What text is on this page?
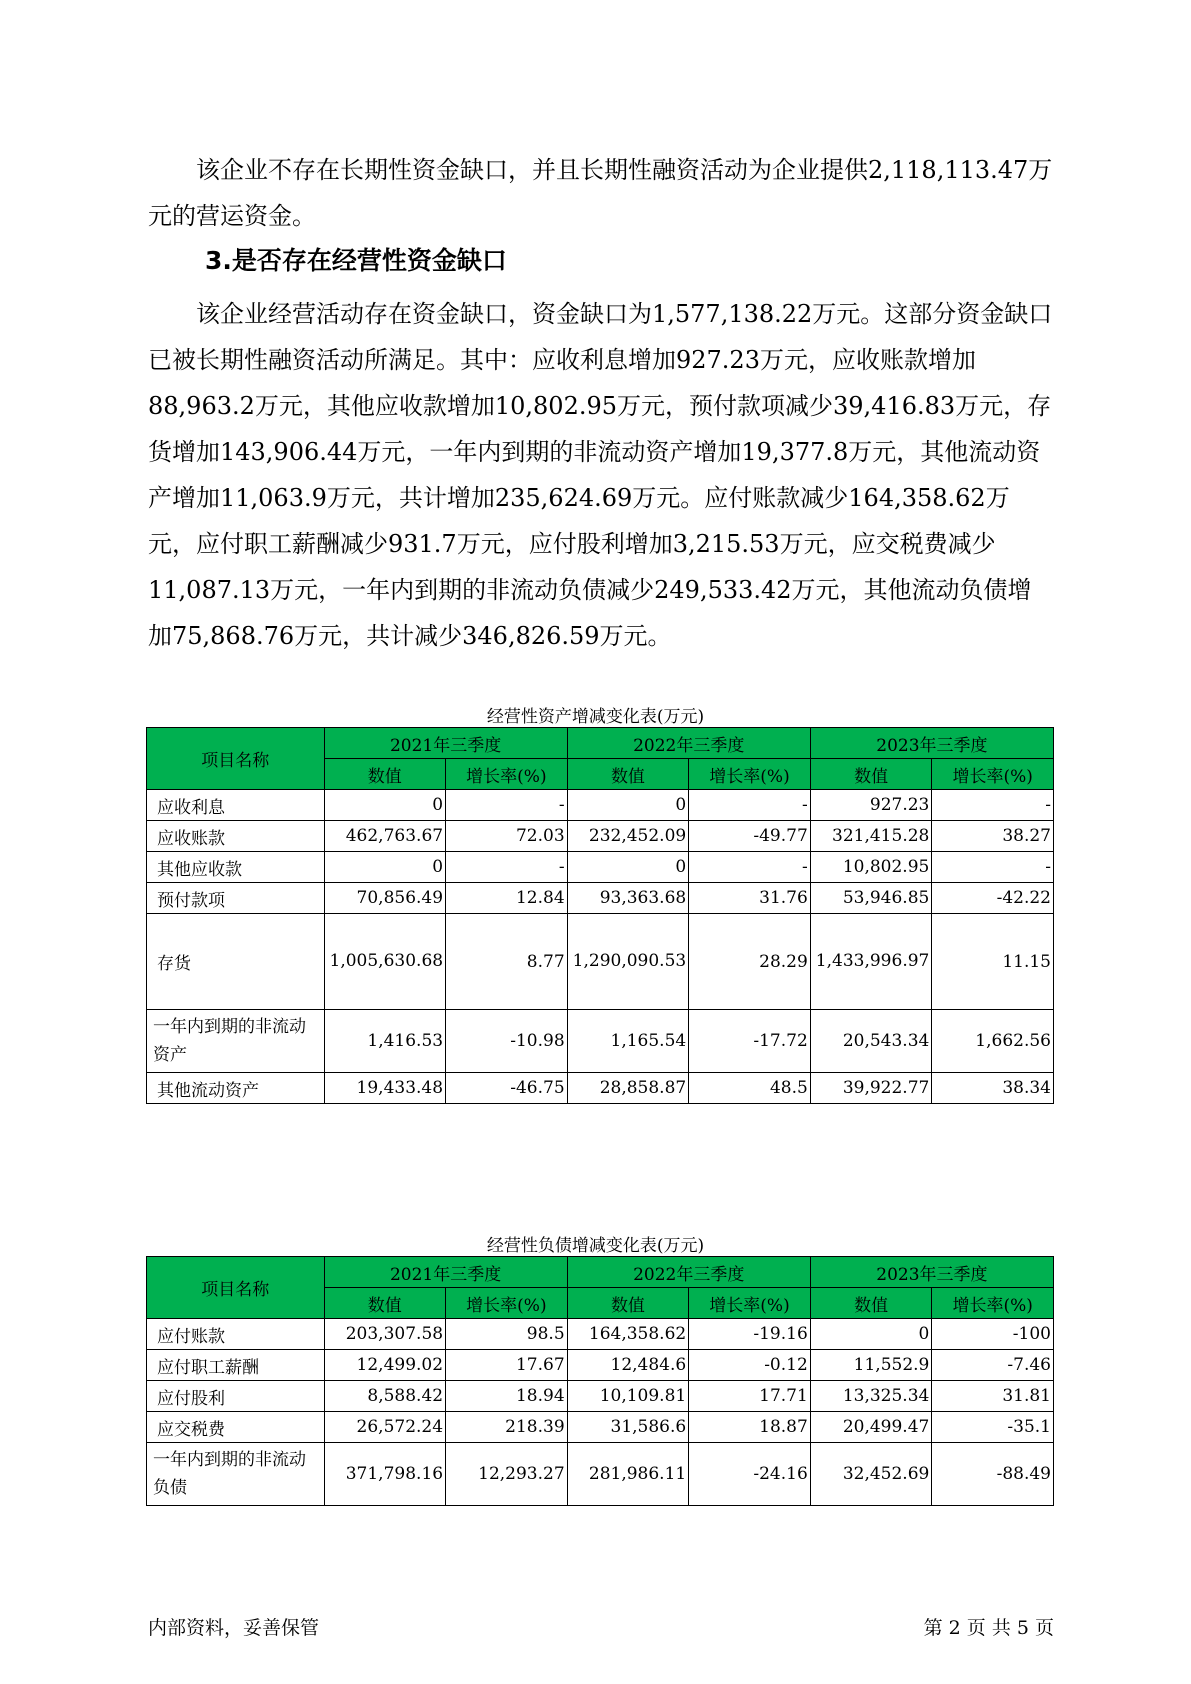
该企业不存在长期性资金缺口，并且长期性融资活动为企业提供2,118,113.47万元的营运资金。

3.是否存在经营性资金缺口

该企业经营活动存在资金缺口，资金缺口为1,577,138.22万元。这部分资金缺口已被长期性融资活动所满足。其中：应收利息增加927.23万元，应收账款增加88,963.2万元，其他应收款增加10,802.95万元，预付款项减少39,416.83万元，存货增加143,906.44万元，一年内到期的非流动资产增加19,377.8万元，其他流动资产增加11,063.9万元，共计增加235,624.69万元。应付账款减少164,358.62万元，应付职工薪酬减少931.7万元，应付股利增加3,215.53万元，应交税费减少11,087.13万元，一年内到期的非流动负债减少249,533.42万元，其他流动负债增加75,868.76万元，共计减少346,826.59万元。

经营性资产增减变化表(万元)
项目名称	2021年三季度		2022年三季度		2023年三季度	
	数值	增长率(%)	数值	增长率(%)	数值	增长率(%)
应收利息	0	-	0	-	927.23	-
应收账款	462,763.67	72.03	232,452.09	-49.77	321,415.28	38.27
其他应收款	0	-	0	-	10,802.95	-
预付款项	70,856.49	12.84	93,363.68	31.76	53,946.85	-42.22
存货	1,005,630.68	8.77	1,290,090.53	28.29	1,433,996.97	11.15
一年内到期的非流动资产	1,416.53	-10.98	1,165.54	-17.72	20,543.34	1,662.56
其他流动资产	19,433.48	-46.75	28,858.87	48.5	39,922.77	38.34
经营性负债增减变化表(万元)
项目名称	2021年三季度		2022年三季度		2023年三季度	
	数值	增长率(%)	数值	增长率(%)	数值	增长率(%)
应付账款	203,307.58	98.5	164,358.62	-19.16	0	-100
应付职工薪酬	12,499.02	17.67	12,484.6	-0.12	11,552.9	-7.46
应付股利	8,588.42	18.94	10,109.81	17.71	13,325.34	31.81
应交税费	26,572.24	218.39	31,586.6	18.87	20,499.47	-35.1
一年内到期的非流动负债	371,798.16	12,293.27	281,986.11	-24.16	32,452.69	-88.49
内部资料，妥善保管	第 2 页 共 5 页
